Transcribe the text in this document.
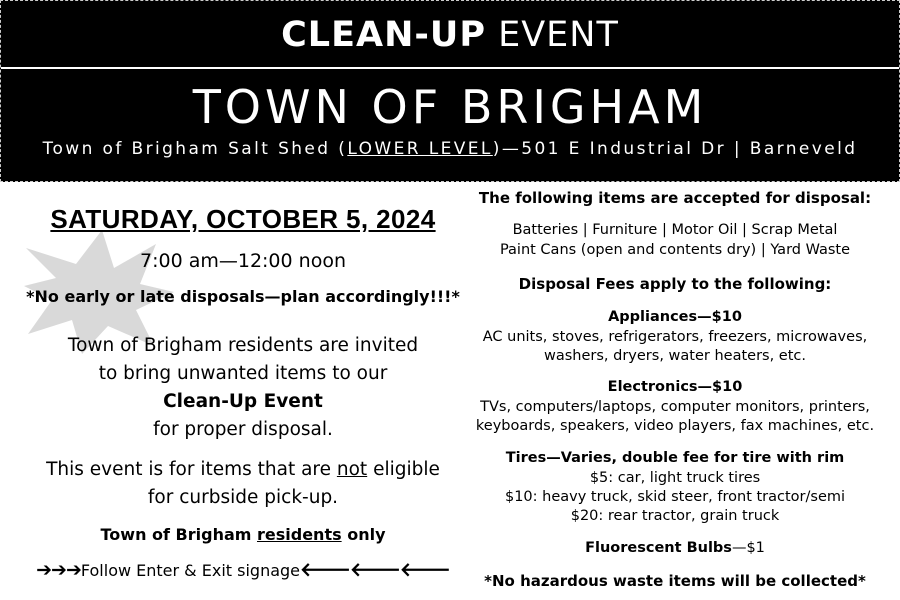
CLEAN-UP EVENT
TOWN OF BRIGHAM
Town of Brigham Salt Shed (LOWER LEVEL)—501 E Industrial Dr | Barneveld
SATURDAY, OCTOBER 5, 2024
7:00 am—12:00 noon
*No early or late disposals—plan accordingly!!!*
Town of Brigham residents are invited
to bring unwanted items to our
Clean-Up Event
for proper disposal.
This event is for items that are not eligible
for curbside pick-up.
Town of Brigham residents only
➔➔➔Follow Enter & Exit signage🡐🡐🡐
The following items are accepted for disposal:
Batteries | Furniture | Motor Oil | Scrap Metal
Paint Cans (open and contents dry) | Yard Waste
Disposal Fees apply to the following:
Appliances—$10
AC units, stoves, refrigerators, freezers, microwaves,
washers, dryers, water heaters, etc.
Electronics—$10
TVs, computers/laptops, computer monitors, printers,
keyboards, speakers, video players, fax machines, etc.
Tires—Varies, double fee for tire with rim
$5: car, light truck tires
$10: heavy truck, skid steer, front tractor/semi
$20: rear tractor, grain truck
Fluorescent Bulbs—$1
*No hazardous waste items will be collected*
